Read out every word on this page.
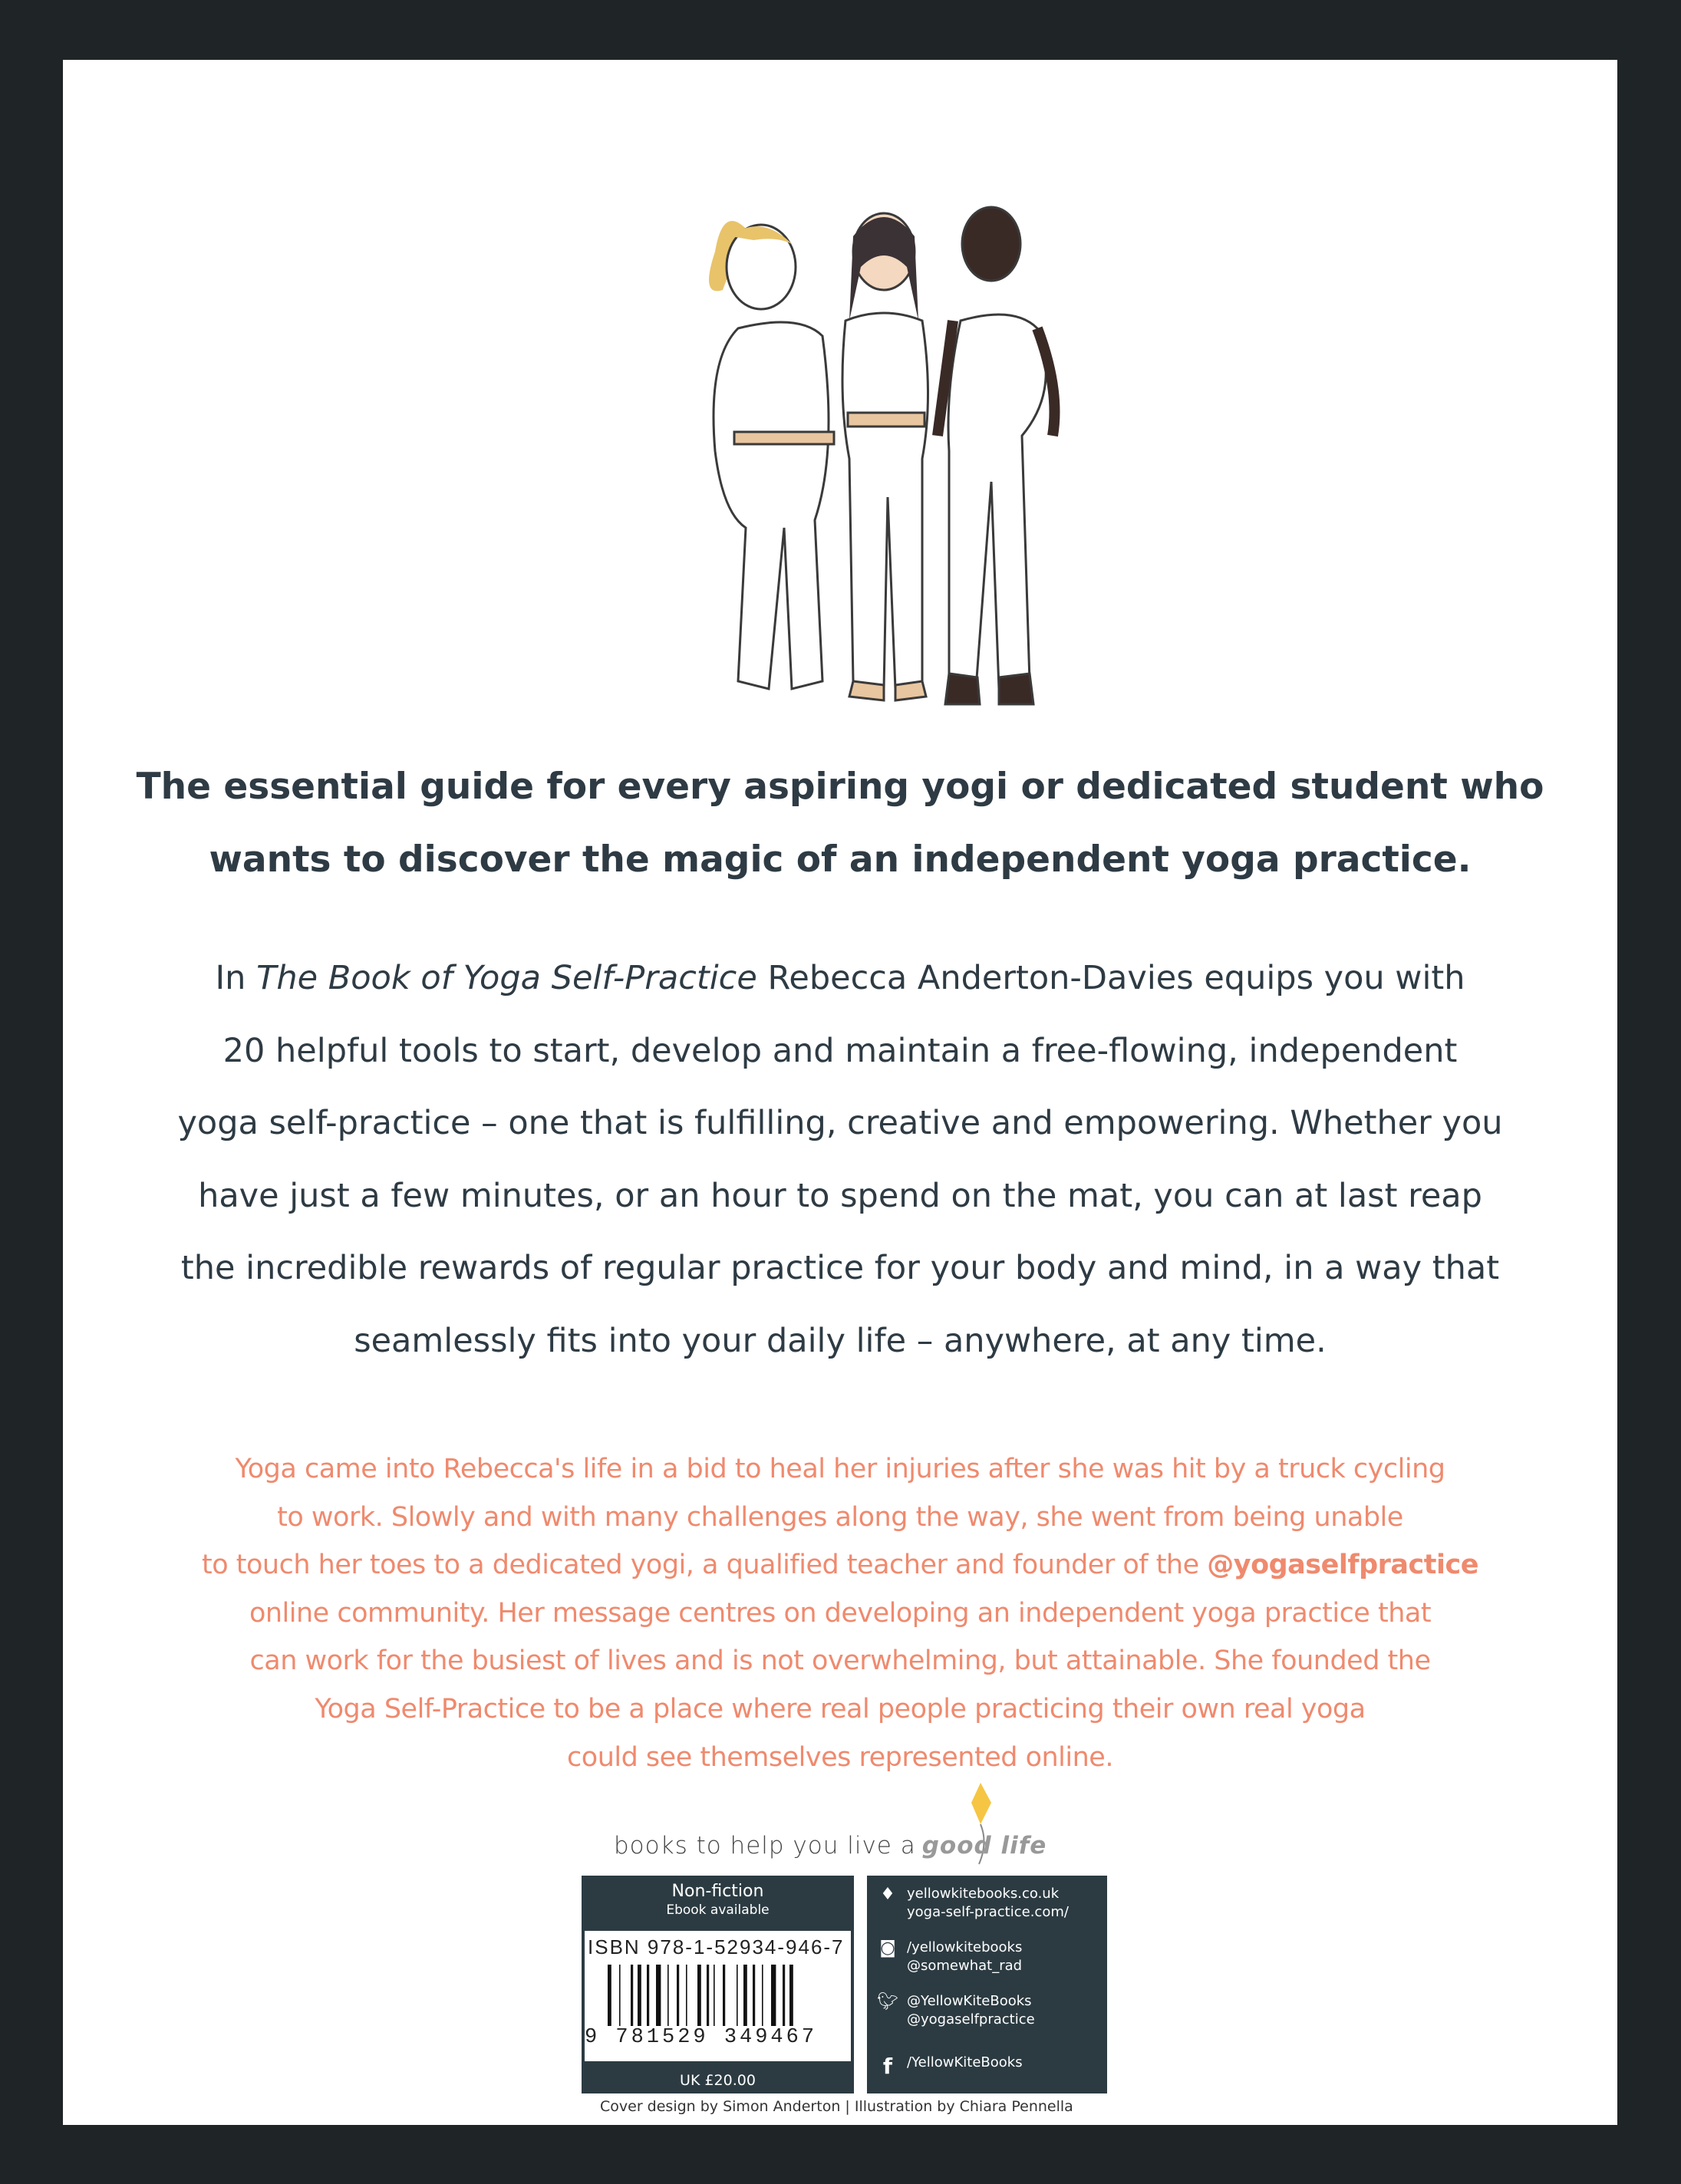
The essential guide for every aspiring yogi or dedicated student who
wants to discover the magic of an independent yoga practice.
In The Book of Yoga Self-Practice Rebecca Anderton-Davies equips you with
20 helpful tools to start, develop and maintain a free-flowing, independent
yoga self-practice – one that is fulfilling, creative and empowering. Whether you
have just a few minutes, or an hour to spend on the mat, you can at last reap
the incredible rewards of regular practice for your body and mind, in a way that
seamlessly fits into your daily life – anywhere, at any time.
Yoga came into Rebecca's life in a bid to heal her injuries after she was hit by a truck cycling
to work. Slowly and with many challenges along the way, she went from being unable
to touch her toes to a dedicated yogi, a qualified teacher and founder of the @yogaselfpractice
online community. Her message centres on developing an independent yoga practice that
can work for the busiest of lives and is not overwhelming, but attainable. She founded the
Yoga Self-Practice to be a place where real people practicing their own real yoga
could see themselves represented online.
books to help you live a good life
Non-fiction
Ebook available
ISBN 978-1-52934-946-7
9 781529 349467
UK £20.00
♦ yellowkitebooks.co.uk
yoga-self-practice.com/
◙ /yellowkitebooks
@somewhat_rad
🐦︎ @YellowKiteBooks
@yogaselfpractice
f	/YellowKiteBooks
Cover design by Simon Anderton | Illustration by Chiara Pennella
